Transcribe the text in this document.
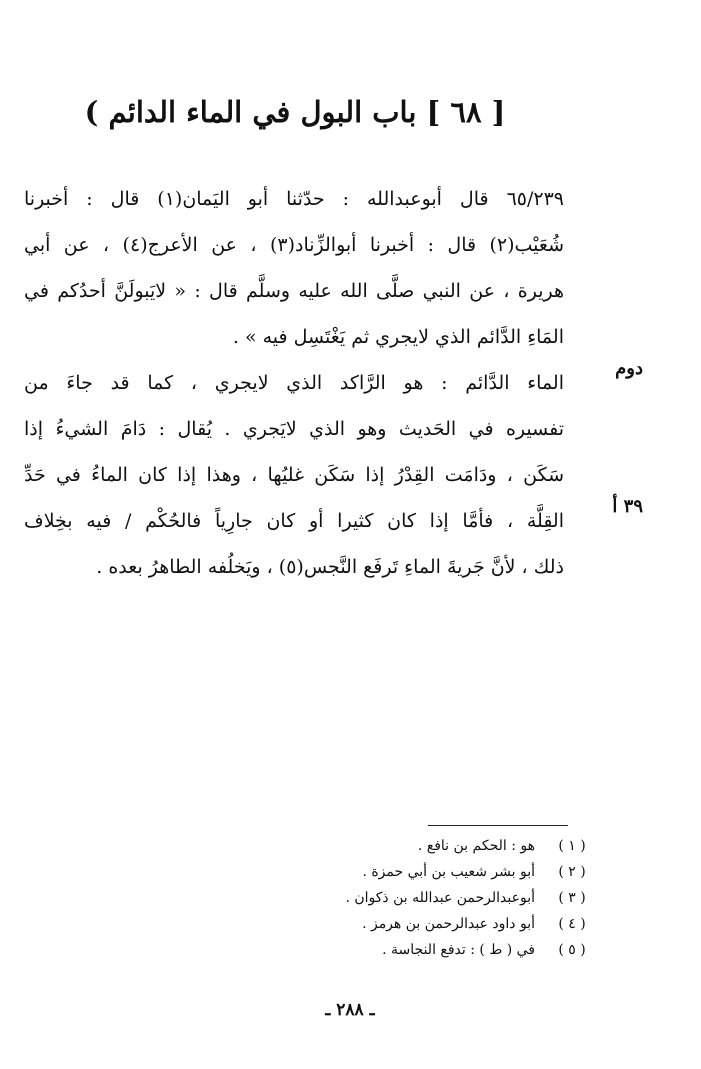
[ ٦٨ ] باب البول في الماء الدائم )
٦٥/٢٣٩ قال أبوعبدالله : حدّثنا أبو اليَمان(١) قال : أخبرنا
شُعَيْب(٢) قال : أخبرنا أبوالزِّناد(٣) ، عن الأعرج(٤) ، عن أبي
هريرة ، عن النبي صلَّى الله عليه وسلَّم قال : « لايَبولَنَّ أحدُكم في
المَاءِ الدَّائم الذي لايجري ثم يَغْتَسِل فيه » .
الماء الدَّائم : هو الرَّاكد الذي لايجري ، كما قد جاءَ من
تفسيره في الحَديث وهو الذي لايَجري . يُقال : دَامَ الشيءُ إذا
سَكَن ، ودَامَت القِدْرُ إذا سَكَن غليُها ، وهذا إذا كان الماءُ في حَدِّ
القِلَّة ، فأمَّا إذا كان كثيرا أو كان جارِياً فالحُكْم / فيه بخِلاف
ذلك ، لأنَّ جَريةَ الماءِ تَرفَع النَّجس(٥) ، ويَخلُفه الطاهرُ بعده .
دوم
٣٩ أ
( ١ )هو : الحكم بن نافع .
( ٢ )أبو بشر شعيب بن أبي حمزة .
( ٣ )أبوعبدالرحمن عبدالله بن ذكوان .
( ٤ )أبو داود عبدالرحمن بن هرمز .
( ٥ )في ( ط ) : تدفع النجاسة .
ـ ٢٨٨ ـ
